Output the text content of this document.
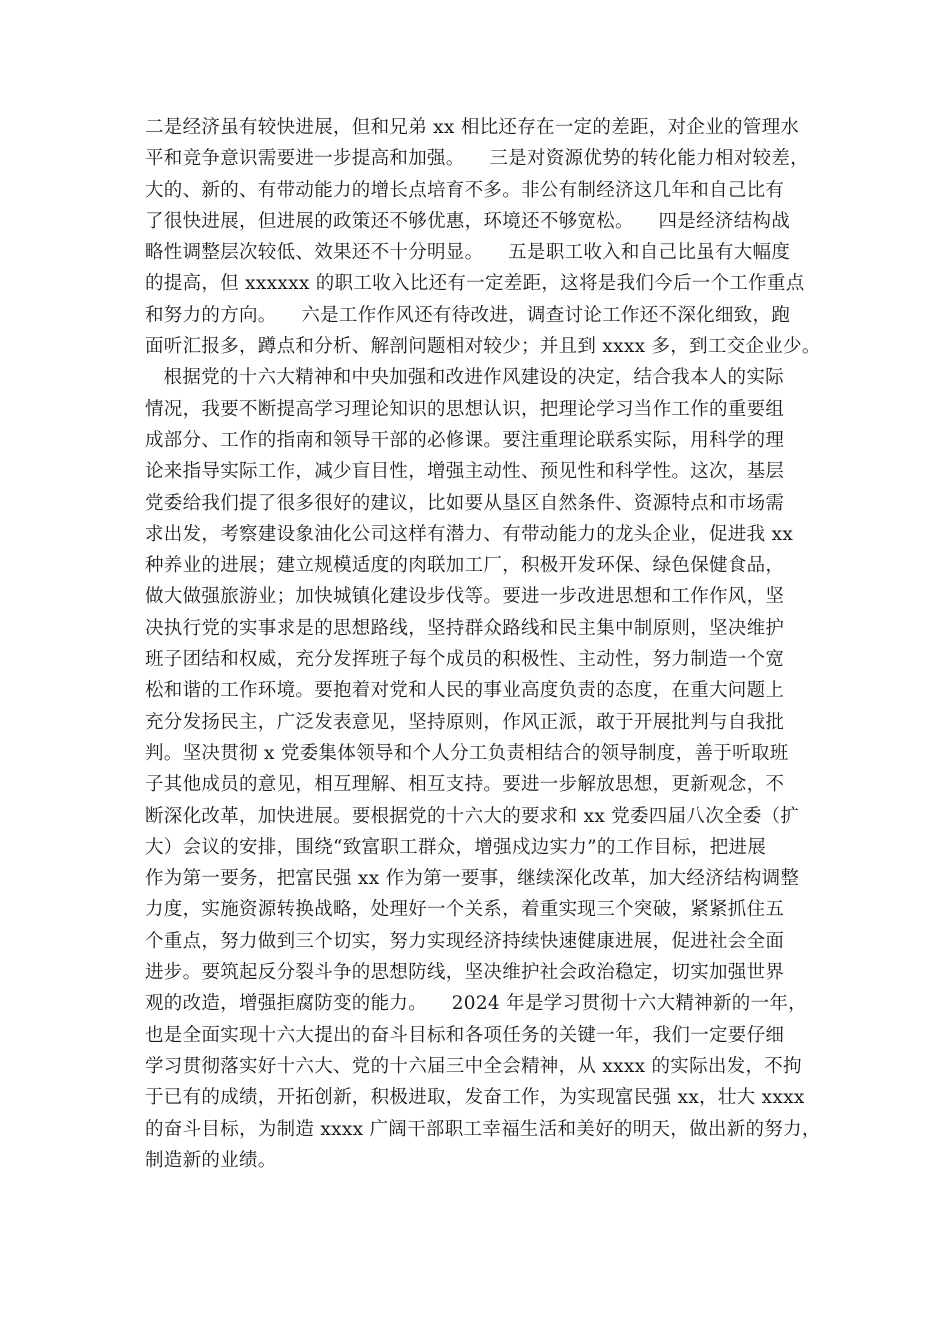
二是经济虽有较快进展，但和兄弟 xx 相比还存在一定的差距，对企业的管理水
平和竞争意识需要进一步提高和加强。    三是对资源优势的转化能力相对较差，
大的、新的、有带动能力的增长点培育不多。非公有制经济这几年和自己比有
了很快进展，但进展的政策还不够优惠，环境还不够宽松。    四是经济结构战
略性调整层次较低、效果还不十分明显。    五是职工收入和自己比虽有大幅度
的提高，但 xxxxxx 的职工收入比还有一定差距，这将是我们今后一个工作重点
和努力的方向。    六是工作作风还有待改进，调查讨论工作还不深化细致，跑
面听汇报多，蹲点和分析、解剖问题相对较少；并且到 xxxx 多，到工交企业少。
根据党的十六大精神和中央加强和改进作风建设的决定，结合我本人的实际
情况，我要不断提高学习理论知识的思想认识，把理论学习当作工作的重要组
成部分、工作的指南和领导干部的必修课。要注重理论联系实际，用科学的理
论来指导实际工作，减少盲目性，增强主动性、预见性和科学性。这次，基层
党委给我们提了很多很好的建议，比如要从垦区自然条件、资源特点和市场需
求出发，考察建设象油化公司这样有潜力、有带动能力的龙头企业，促进我 xx
种养业的进展；建立规模适度的肉联加工厂，积极开发环保、绿色保健食品，
做大做强旅游业；加快城镇化建设步伐等。要进一步改进思想和工作作风，坚
决执行党的实事求是的思想路线，坚持群众路线和民主集中制原则，坚决维护
班子团结和权威，充分发挥班子每个成员的积极性、主动性，努力制造一个宽
松和谐的工作环境。要抱着对党和人民的事业高度负责的态度，在重大问题上
充分发扬民主，广泛发表意见，坚持原则，作风正派，敢于开展批判与自我批
判。坚决贯彻 x 党委集体领导和个人分工负责相结合的领导制度，善于听取班
子其他成员的意见，相互理解、相互支持。要进一步解放思想，更新观念，不
断深化改革，加快进展。要根据党的十六大的要求和 xx 党委四届八次全委（扩
大）会议的安排，围绕“致富职工群众，增强戍边实力”的工作目标，把进展
作为第一要务，把富民强 xx 作为第一要事，继续深化改革，加大经济结构调整
力度，实施资源转换战略，处理好一个关系，着重实现三个突破，紧紧抓住五
个重点，努力做到三个切实，努力实现经济持续快速健康进展，促进社会全面
进步。要筑起反分裂斗争的思想防线，坚决维护社会政治稳定，切实加强世界
观的改造，增强拒腐防变的能力。    2024 年是学习贯彻十六大精神新的一年，
也是全面实现十六大提出的奋斗目标和各项任务的关键一年，我们一定要仔细
学习贯彻落实好十六大、党的十六届三中全会精神，从 xxxx 的实际出发，不拘
于已有的成绩，开拓创新，积极进取，发奋工作，为实现富民强 xx，壮大 xxxx
的奋斗目标，为制造 xxxx 广阔干部职工幸福生活和美好的明天，做出新的努力，
制造新的业绩。
